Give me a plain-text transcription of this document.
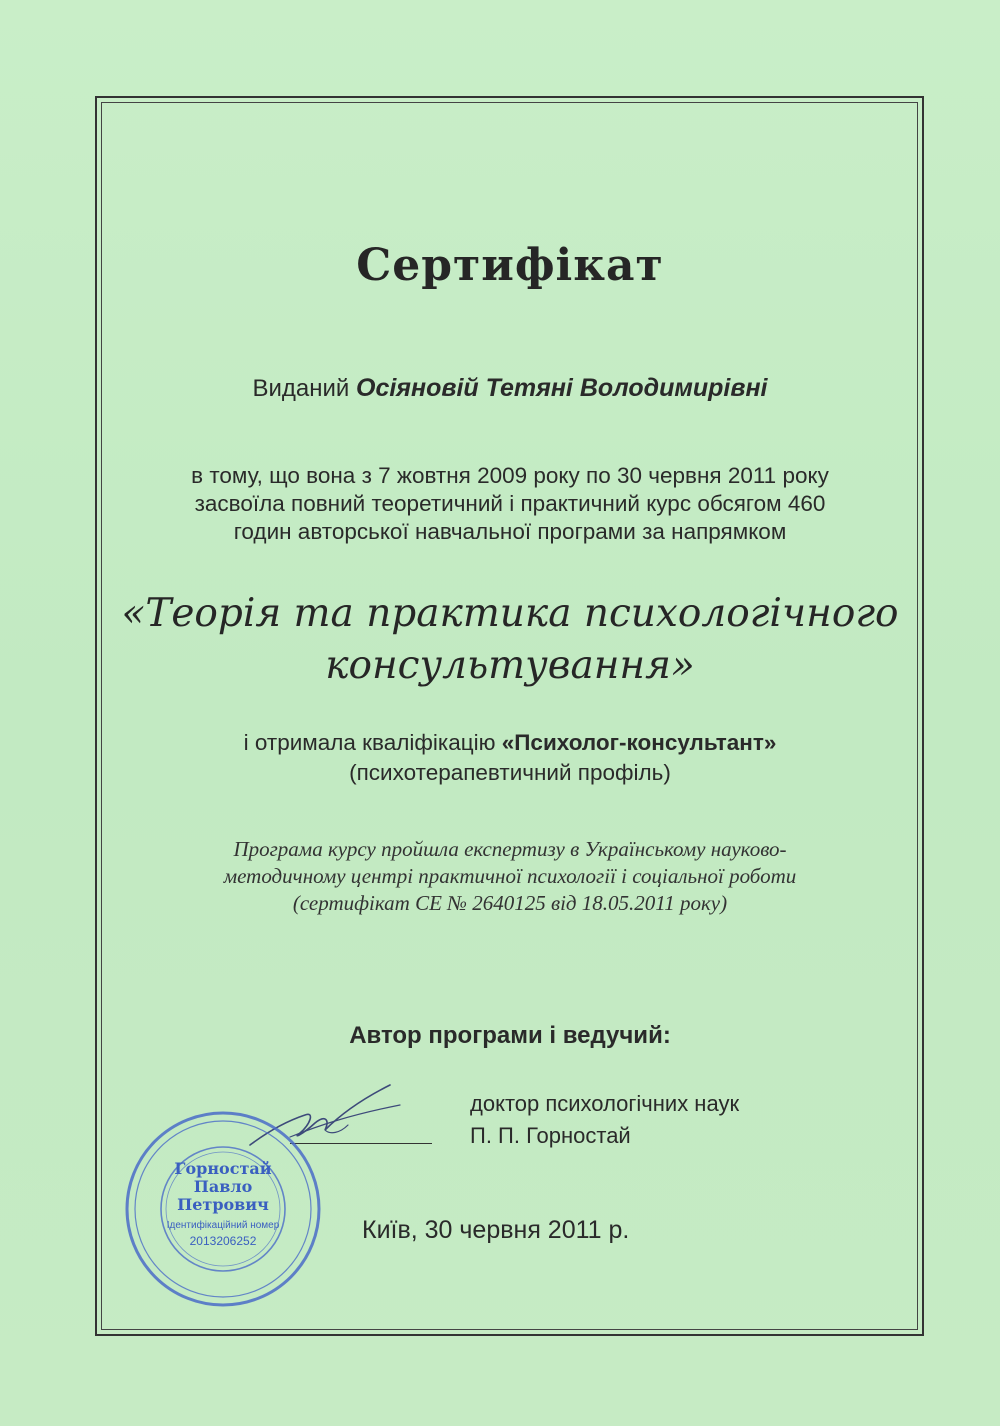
Сертифікат
Виданий Осіяновій Тетяні Володимирівні
в тому, що вона з 7 жовтня 2009 року по 30 червня 2011 року
засвоїла повний теоретичний і практичний курс обсягом 460
годин авторської навчальної програми за напрямком
«Теорія та практика психологічного
консультування»
і отримала кваліфікацію «Психолог-консультант»
(психотерапевтичний профіль)
Програма курсу пройшла експертизу в Українському науково-
методичному центрі практичної психології і соціальної роботи
(сертифікат СЕ № 2640125 від 18.05.2011 року)
Автор програми і ведучий:
доктор психологічних наук
П. П. Горностай
Київ, 30 червня 2011 р.
Горностай
Павло
Петрович
Ідентифікаційний номер
2013206252
